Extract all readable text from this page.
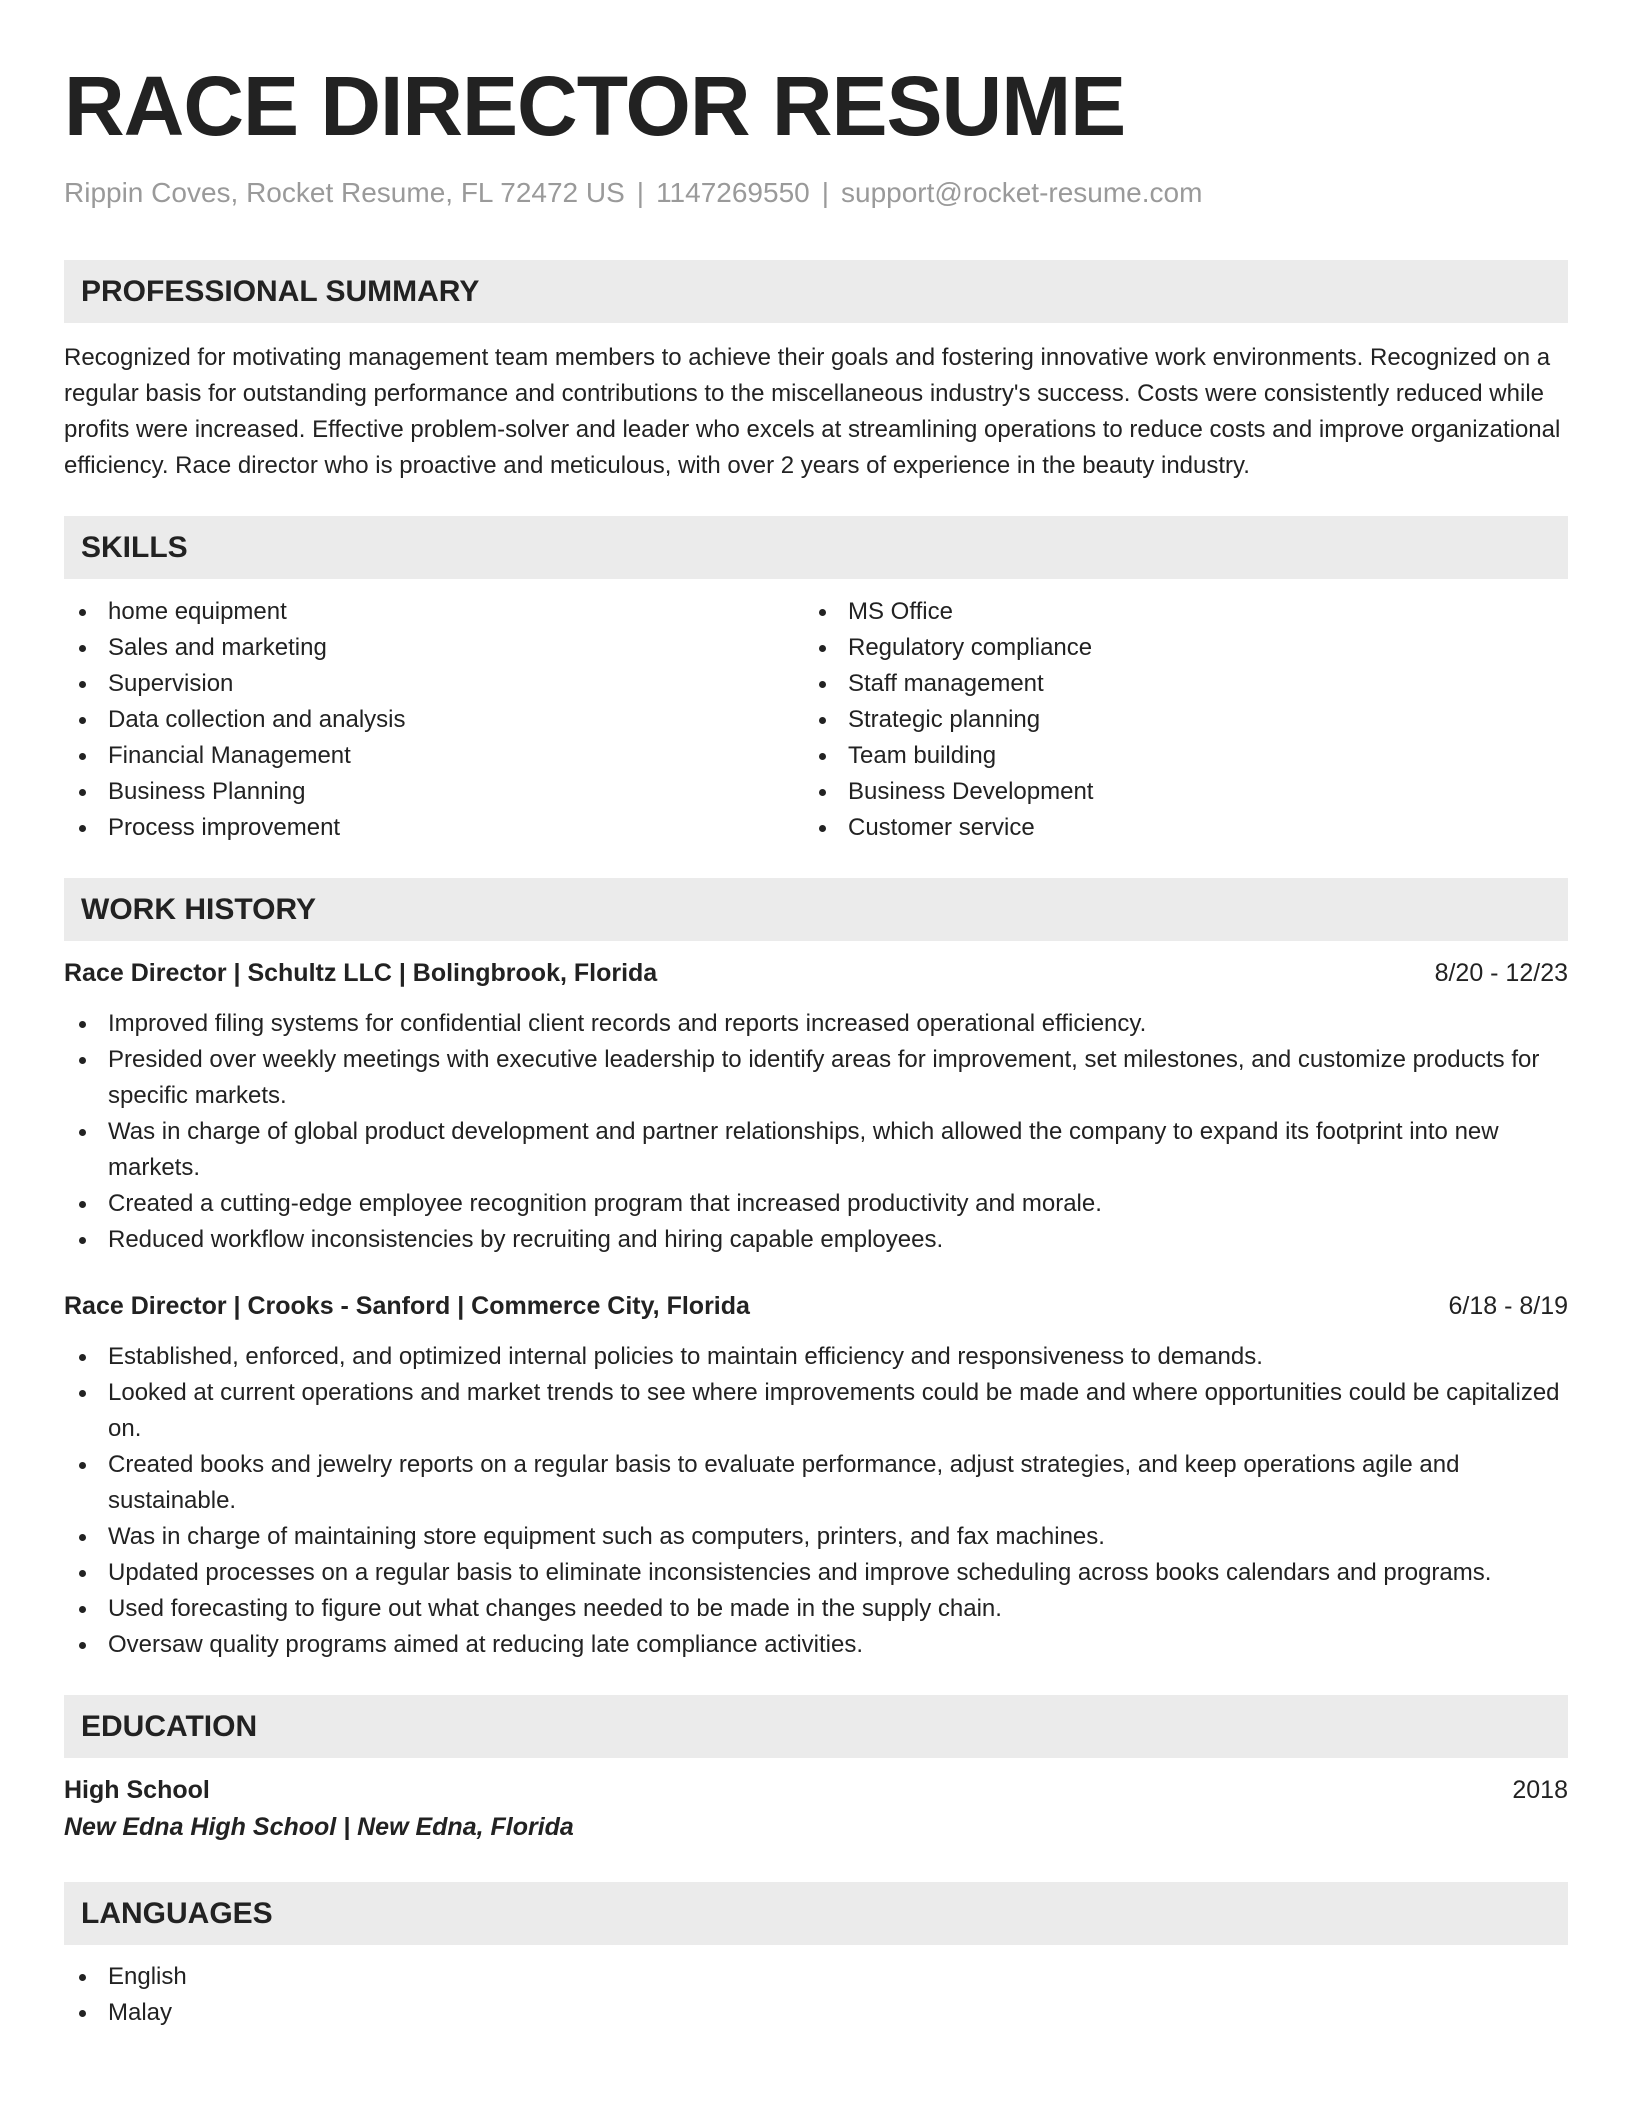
RACE DIRECTOR RESUME
Rippin Coves, Rocket Resume, FL 72472 US | 1147269550 | support@rocket-resume.com
PROFESSIONAL SUMMARY
Recognized for motivating management team members to achieve their goals and fostering innovative work environments. Recognized on a regular basis for outstanding performance and contributions to the miscellaneous industry's success. Costs were consistently reduced while profits were increased. Effective problem-solver and leader who excels at streamlining operations to reduce costs and improve organizational efficiency. Race director who is proactive and meticulous, with over 2 years of experience in the beauty industry.
SKILLS
home equipment
Sales and marketing
Supervision
Data collection and analysis
Financial Management
Business Planning
Process improvement
MS Office
Regulatory compliance
Staff management
Strategic planning
Team building
Business Development
Customer service
WORK HISTORY
Race Director | Schultz LLC | Bolingbrook, Florida	8/20 - 12/23
Improved filing systems for confidential client records and reports increased operational efficiency.
Presided over weekly meetings with executive leadership to identify areas for improvement, set milestones, and customize products for specific markets.
Was in charge of global product development and partner relationships, which allowed the company to expand its footprint into new markets.
Created a cutting-edge employee recognition program that increased productivity and morale.
Reduced workflow inconsistencies by recruiting and hiring capable employees.
Race Director | Crooks - Sanford | Commerce City, Florida	6/18 - 8/19
Established, enforced, and optimized internal policies to maintain efficiency and responsiveness to demands.
Looked at current operations and market trends to see where improvements could be made and where opportunities could be capitalized on.
Created books and jewelry reports on a regular basis to evaluate performance, adjust strategies, and keep operations agile and sustainable.
Was in charge of maintaining store equipment such as computers, printers, and fax machines.
Updated processes on a regular basis to eliminate inconsistencies and improve scheduling across books calendars and programs.
Used forecasting to figure out what changes needed to be made in the supply chain.
Oversaw quality programs aimed at reducing late compliance activities.
EDUCATION
High School	2018
New Edna High School | New Edna, Florida
LANGUAGES
English
Malay
